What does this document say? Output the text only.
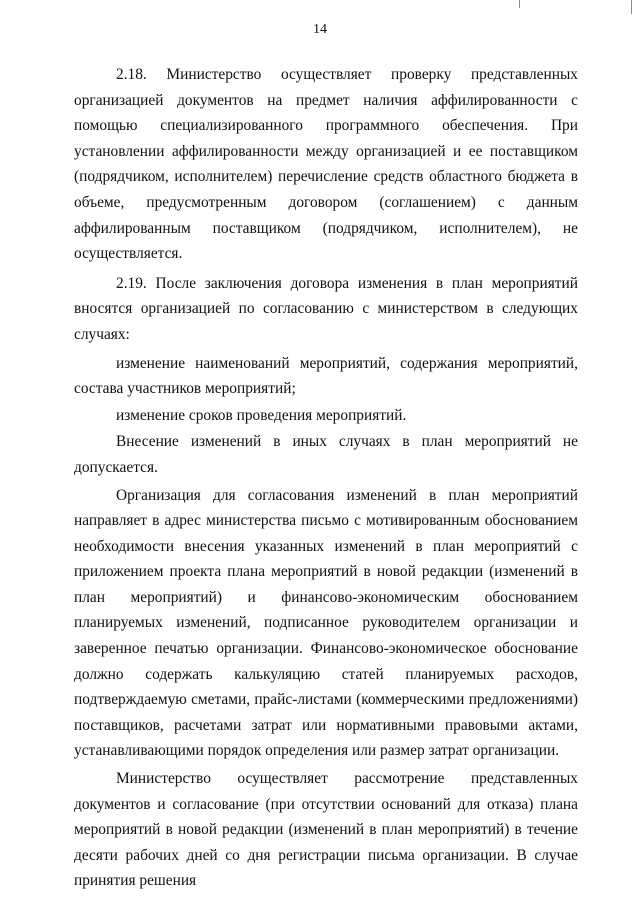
14

2.18. Министерство осуществляет проверку представленных организацией документов на предмет наличия аффилированности с помощью специализированного программного обеспечения. При установлении аффилированности между организацией и ее поставщиком (подрядчиком, исполнителем) перечисление средств областного бюджета в объеме, предусмотренным договором (соглашением) с данным аффилированным поставщиком (подрядчиком, исполнителем), не осуществляется.

2.19. После заключения договора изменения в план мероприятий вносятся организацией по согласованию с министерством в следующих случаях:

изменение наименований мероприятий, содержания мероприятий, состава участников мероприятий;

изменение сроков проведения мероприятий.

Внесение изменений в иных случаях в план мероприятий не допускается.

Организация для согласования изменений в план мероприятий направляет в адрес министерства письмо с мотивированным обоснованием необходимости внесения указанных изменений в план мероприятий с приложением проекта плана мероприятий в новой редакции (изменений в план мероприятий) и финансово-экономическим обоснованием планируемых изменений, подписанное руководителем организации и заверенное печатью организации. Финансово-экономическое обоснование должно содержать калькуляцию статей планируемых расходов, подтверждаемую сметами, прайс-листами (коммерческими предложениями) поставщиков, расчетами затрат или нормативными правовыми актами, устанавливающими порядок определения или размер затрат организации.

Министерство осуществляет рассмотрение представленных документов и согласование (при отсутствии оснований для отказа) плана мероприятий в новой редакции (изменений в план мероприятий) в течение десяти рабочих дней со дня регистрации письма организации. В случае принятия решения
